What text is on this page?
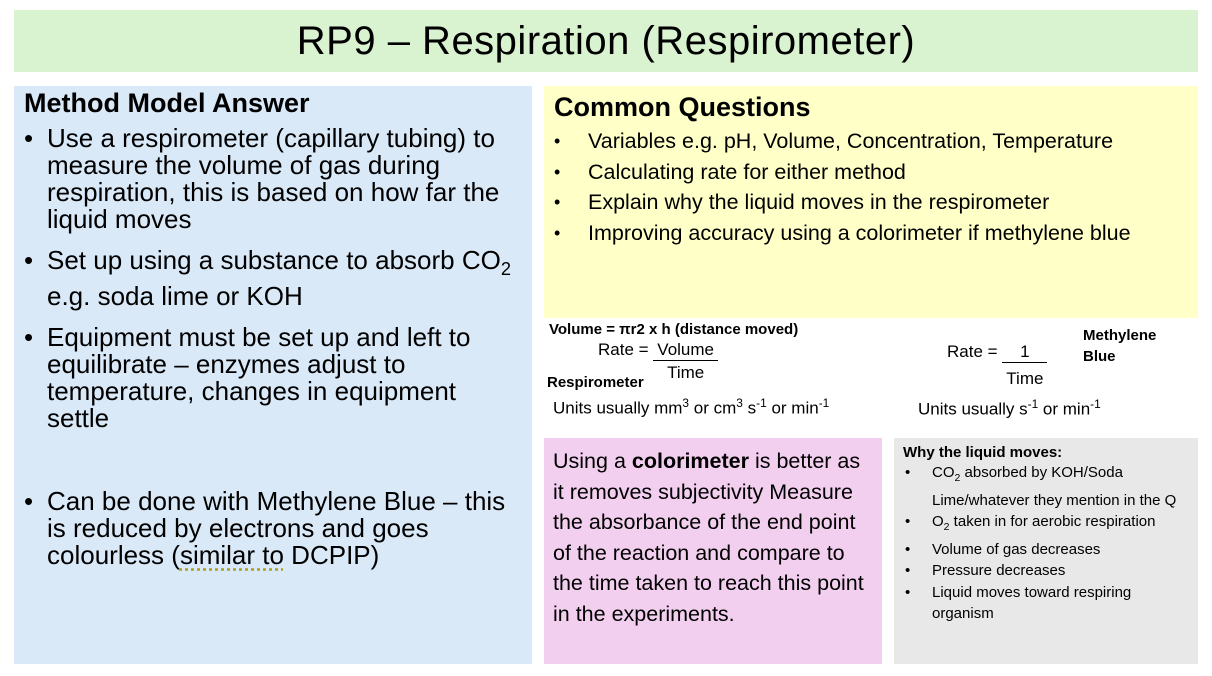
RP9 – Respiration (Respirometer)
Method Model Answer
• Use a respirometer (capillary tubing) to measure the volume of gas during respiration, this is based on how far the liquid moves
• Set up using a substance to absorb $CO_2$ e.g. soda lime or KOH
• Equipment must be set up and left to equilibrate – enzymes adjust to temperature, changes in equipment settle
• Can be done with Methylene Blue – this is reduced by electrons and goes colourless (similar to DCPIP)
Common Questions
• Variables e.g. pH, Volume, Concentration, Temperature
• Calculating rate for either method
• Explain why the liquid moves in the respirometer
• Improving accuracy using a colorimeter if methylene blue
Volume = πr2 x h (distance moved)
Rate = $\frac{\text{Volume}}{\text{Time}}$
Respirometer
Units usually $mm^3$ or $cm^3$ $s^{-1}$ or $\min^{-1}$
Rate = $\frac{1}{\text{Time}}$
Methylene
Blue
Units usually $s^{-1}$ or $\min^{-1}$
Using a colorimeter is better as it removes subjectivity Measure the absorbance of the end point of the reaction and compare to the time taken to reach this point in the experiments.
Why the liquid moves:
• $CO_2$ absorbed by KOH/Soda Lime/whatever they mention in the Q
• $O_2$ taken in for aerobic respiration
• Volume of gas decreases
• Pressure decreases
• Liquid moves toward respiring organism
